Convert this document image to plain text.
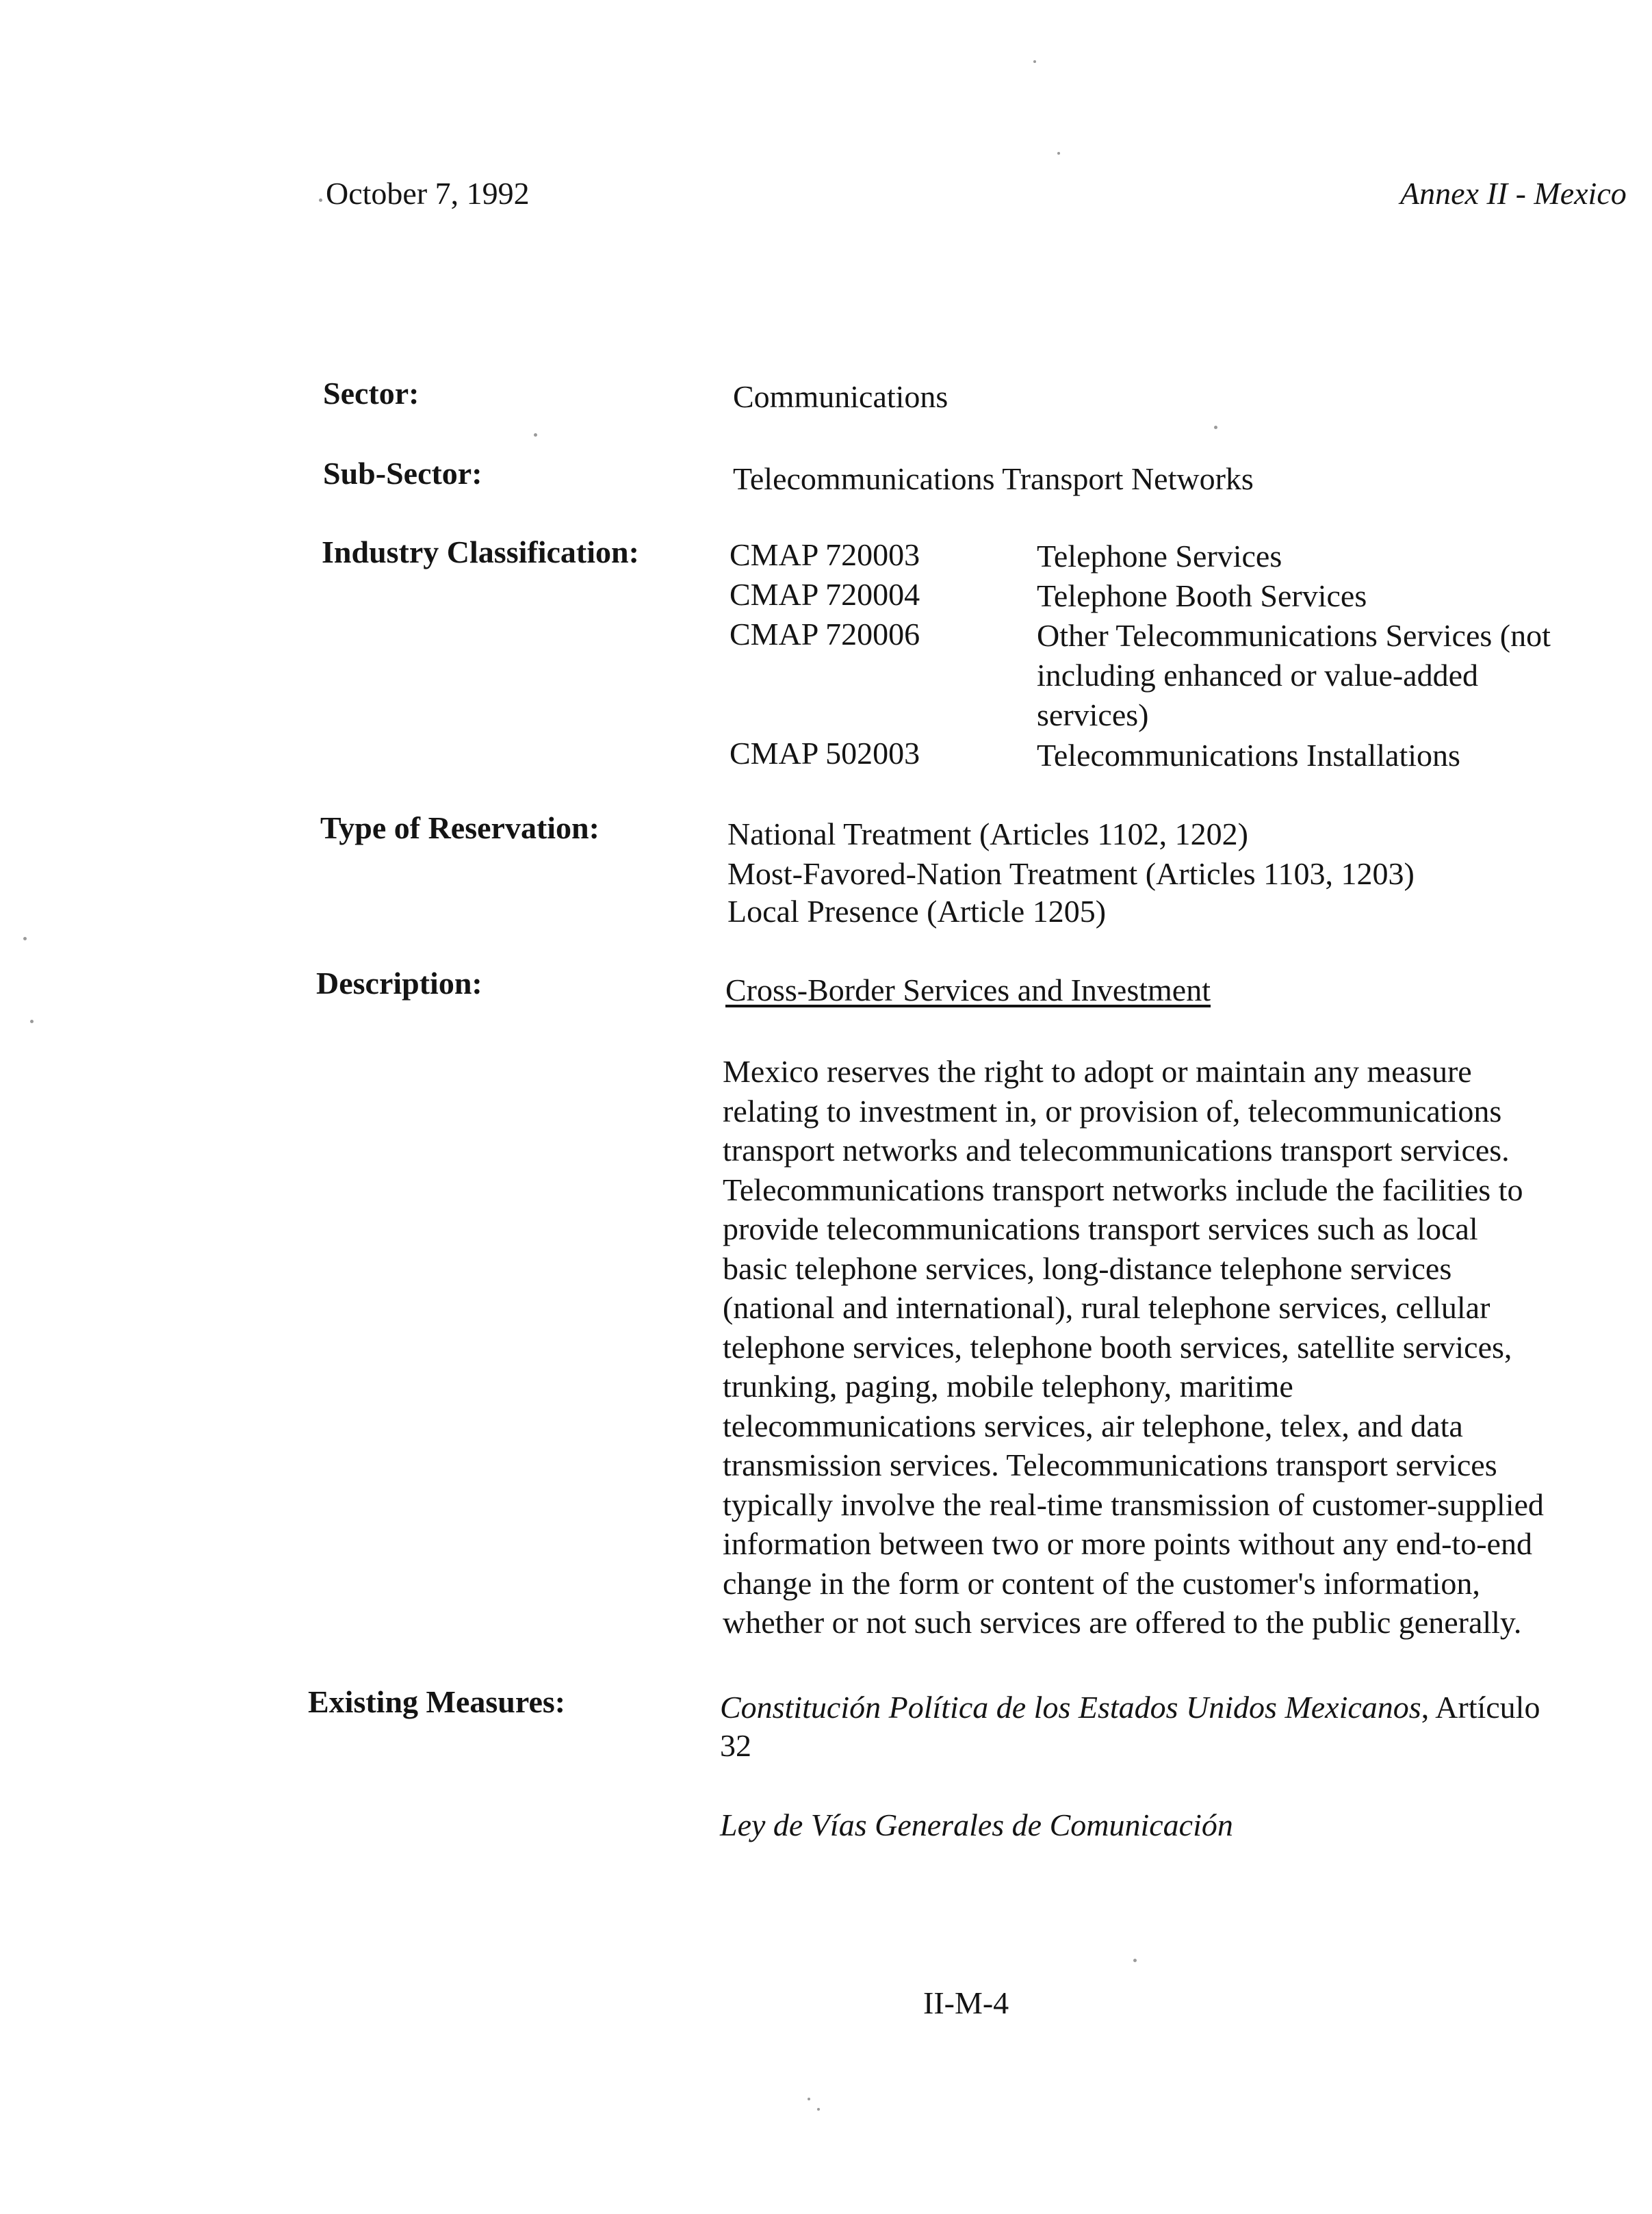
October 7, 1992	Annex II - Mexico
Sector:	Communications
Sub-Sector:	Telecommunications Transport Networks
Industry Classification:	CMAP 720003	Telephone Services
CMAP 720004	Telephone Booth Services
CMAP 720006	Other Telecommunications Services (not
including enhanced or value-added
services)
CMAP 502003	Telecommunications Installations
Type of Reservation:	National Treatment (Articles 1102, 1202)
Most-Favored-Nation Treatment (Articles 1103, 1203)
Local Presence (Article 1205)
Description:	Cross-Border Services and Investment
Mexico reserves the right to adopt or maintain any measure
relating to investment in, or provision of, telecommunications
transport networks and telecommunications transport services.
Telecommunications transport networks include the facilities to
provide telecommunications transport services such as local
basic telephone services, long-distance telephone services
(national and international), rural telephone services, cellular
telephone services, telephone booth services, satellite services,
trunking, paging, mobile telephony, maritime
telecommunications services, air telephone, telex, and data
transmission services. Telecommunications transport services
typically involve the real-time transmission of customer-supplied
information between two or more points without any end-to-end
change in the form or content of the customer's information,
whether or not such services are offered to the public generally.
Existing Measures:	Constitución Política de los Estados Unidos Mexicanos, Artículo
32
Ley de Vías Generales de Comunicación
II-M-4
